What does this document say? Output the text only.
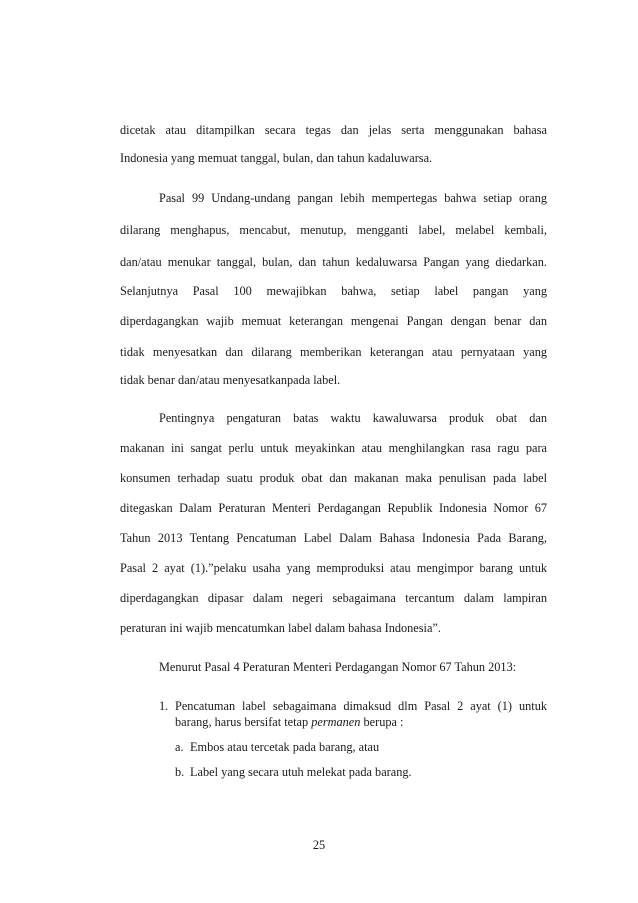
dicetak atau ditampilkan secara tegas dan jelas serta menggunakan bahasa
Indonesia yang memuat tanggal, bulan, dan tahun kadaluwarsa.
Pasal 99 Undang-undang pangan lebih mempertegas bahwa setiap orang
dilarang menghapus, mencabut, menutup, mengganti label, melabel kembali,
dan/atau menukar tanggal, bulan, dan tahun kedaluwarsa Pangan yang diedarkan.
Selanjutnya Pasal 100 mewajibkan bahwa, setiap label pangan yang
diperdagangkan wajib memuat keterangan mengenai Pangan dengan benar dan
tidak menyesatkan dan dilarang memberikan keterangan atau pernyataan yang
tidak benar dan/atau menyesatkanpada label.
Pentingnya pengaturan batas waktu kawaluwarsa produk obat dan
makanan ini sangat perlu untuk meyakinkan atau menghilangkan rasa ragu para
konsumen terhadap suatu produk obat dan makanan maka penulisan pada label
ditegaskan Dalam Peraturan Menteri Perdagangan Republik Indonesia Nomor 67
Tahun 2013 Tentang Pencatuman Label Dalam Bahasa Indonesia Pada Barang,
Pasal 2 ayat (1).”pelaku usaha yang memproduksi atau mengimpor barang untuk
diperdagangkan dipasar dalam negeri sebagaimana tercantum dalam lampiran
peraturan ini wajib mencatumkan label dalam bahasa Indonesia”.
Menurut Pasal 4 Peraturan Menteri Perdagangan Nomor 67 Tahun 2013:
1. Pencatuman label sebagaimana dimaksud dlm Pasal 2 ayat (1) untuk
barang, harus bersifat tetap permanen berupa :
a. Embos atau tercetak pada barang, atau
b. Label yang secara utuh melekat pada barang.
25
